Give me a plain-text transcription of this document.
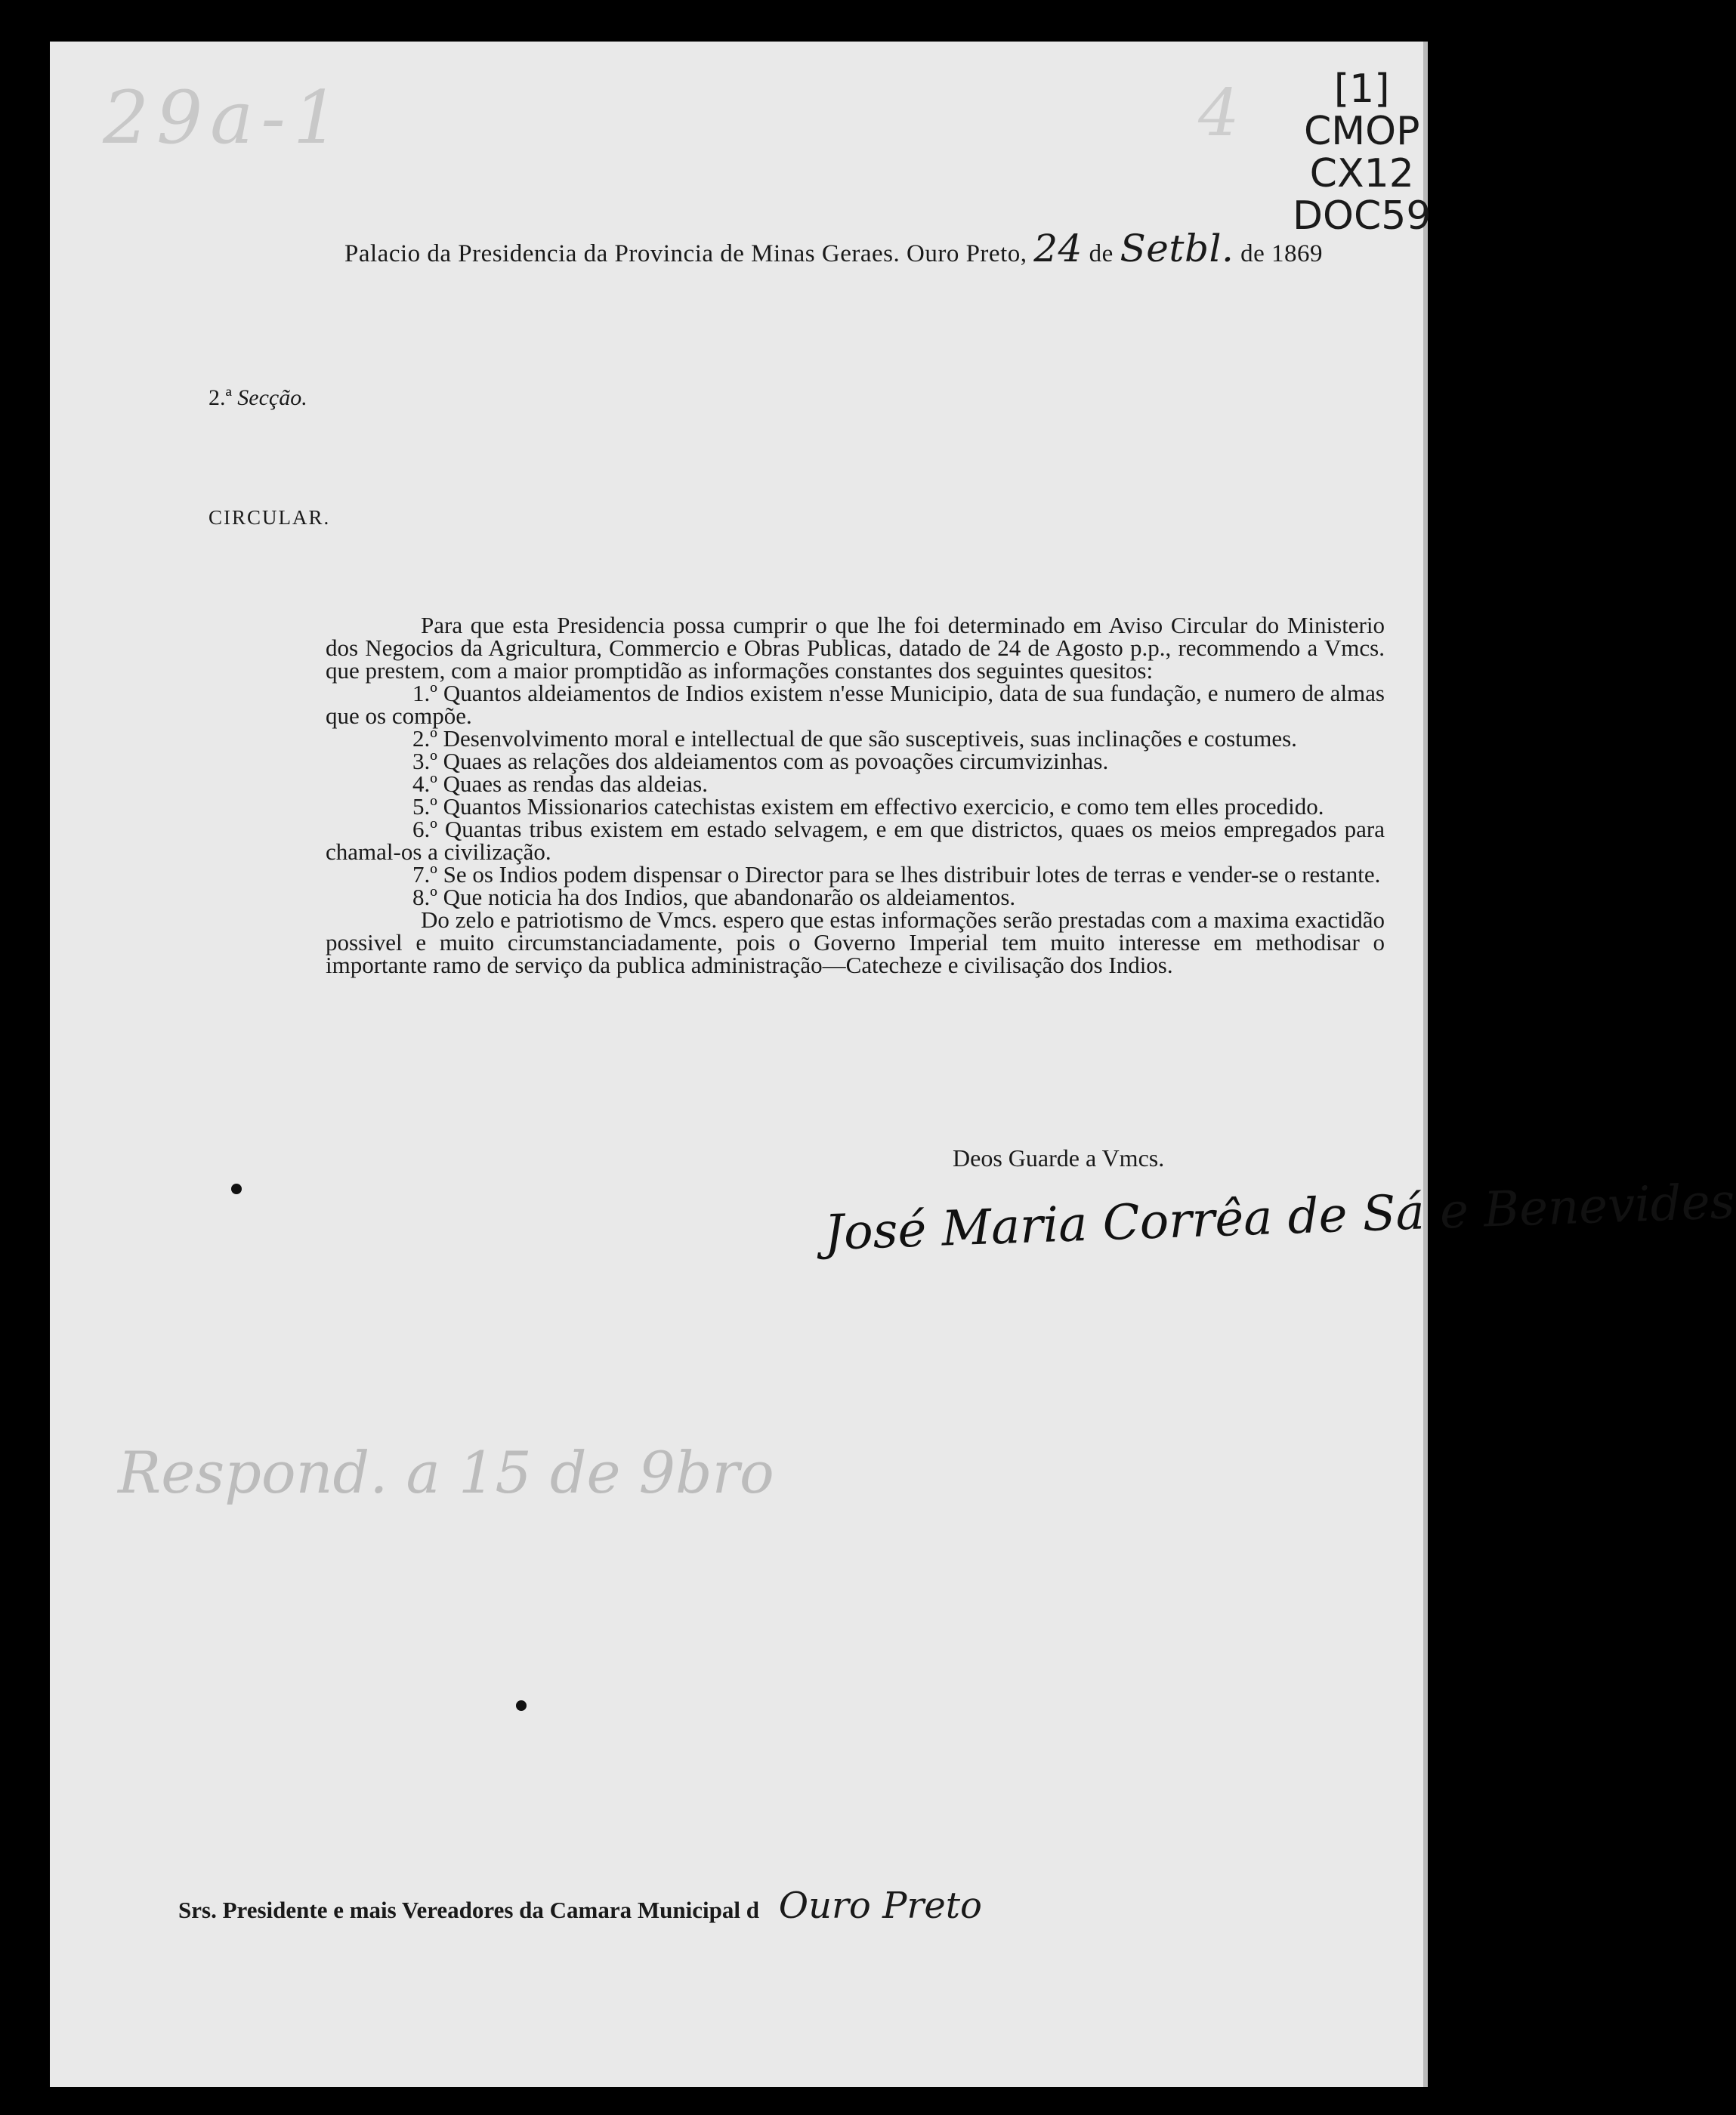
29a-1	4	[1]
CMOP
CX12
DOC59
Palacio da Presidencia da Provincia de Minas Geraes. Ouro Preto, 24 de Setbl. de 1869
2.ª Secção.
CIRCULAR.

Para que esta Presidencia possa cumprir o que lhe foi determinado em Aviso Circular do Ministerio dos Negocios da Agricultura, Commercio e Obras Publicas, datado de 24 de Agosto p.p., recommendo a Vmcs. que prestem, com a maior promptidão as informações constantes dos seguintes quesitos:

1.º Quantos aldeiamentos de Indios existem n'esse Municipio, data de sua fundação, e numero de almas que os compõe.

2.º Desenvolvimento moral e intellectual de que são susceptiveis, suas inclinações e costumes.

3.º Quaes as relações dos aldeiamentos com as povoações circumvizinhas.

4.º Quaes as rendas das aldeias.

5.º Quantos Missionarios catechistas existem em effectivo exercicio, e como tem elles procedido.

6.º Quantas tribus existem em estado selvagem, e em que districtos, quaes os meios empregados para chamal-os a civilização.

7.º Se os Indios podem dispensar o Director para se lhes distribuir lotes de terras e vender-se o restante.

8.º Que noticia ha dos Indios, que abandonarão os aldeiamentos.

Do zelo e patriotismo de Vmcs. espero que estas informações serão prestadas com a maxima exactidão possivel e muito circumstanciadamente, pois o Governo Imperial tem muito interesse em methodisar o importante ramo de serviço da publica administração—Catecheze e civilisação dos Indios.

Deos Guarde a Vmcs.
José Maria Corrêa de Sá e Benevides
Respond. a 15 de 9bro
Srs. Presidente e mais Vereadores da Camara Municipal d Ouro Preto
